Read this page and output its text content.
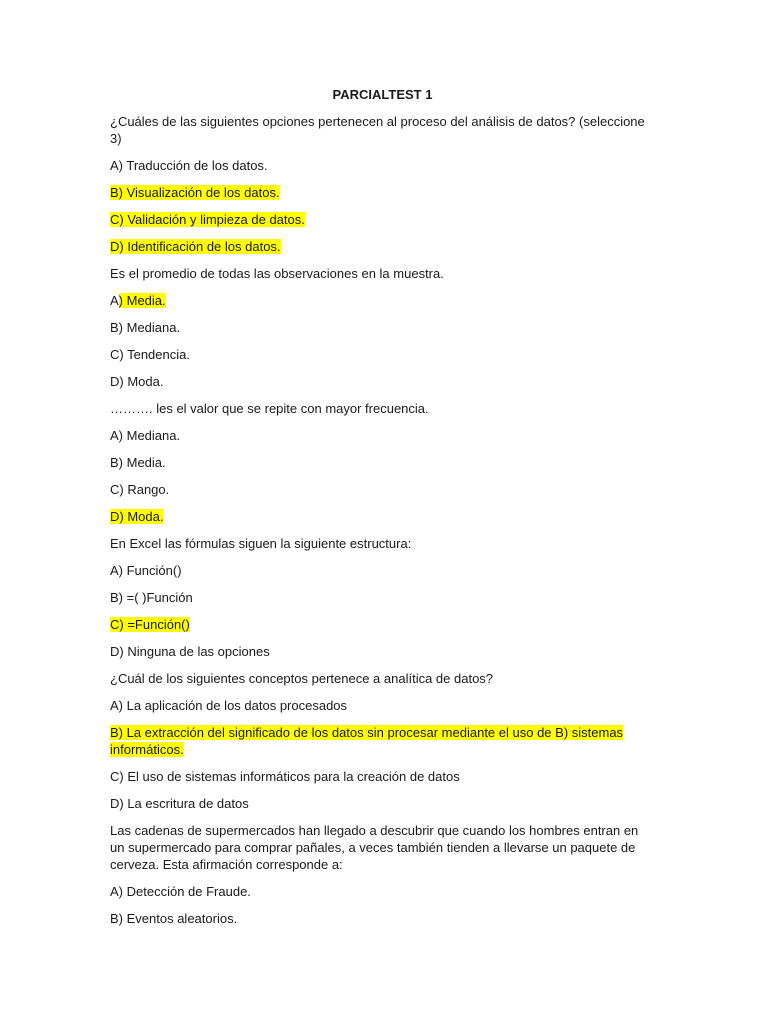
PARCIALTEST 1
¿Cuáles de las siguientes opciones pertenecen al proceso del análisis de datos? (seleccione 3)
A) Traducción de los datos.
B) Visualización de los datos.
C) Validación y limpieza de datos.
D) Identificación de los datos.
Es el promedio de todas las observaciones en la muestra.
A) Media.
B) Mediana.
C) Tendencia.
D) Moda.
………. les el valor que se repite con mayor frecuencia.
A) Mediana.
B) Media.
C) Rango.
D) Moda.
En Excel las fórmulas siguen la siguiente estructura:
A) Función()
B) =( )Función
C) =Función()
D) Ninguna de las opciones
¿Cuál de los siguientes conceptos pertenece a analítica de datos?
A) La aplicación de los datos procesados
B) La extracción del significado de los datos sin procesar mediante el uso de B) sistemas informáticos.
C) El uso de sistemas informáticos para la creación de datos
D) La escritura de datos
Las cadenas de supermercados han llegado a descubrir que cuando los hombres entran en un supermercado para comprar pañales, a veces también tienden a llevarse un paquete de cerveza. Esta afirmación corresponde a:
A) Detección de Fraude.
B) Eventos aleatorios.
